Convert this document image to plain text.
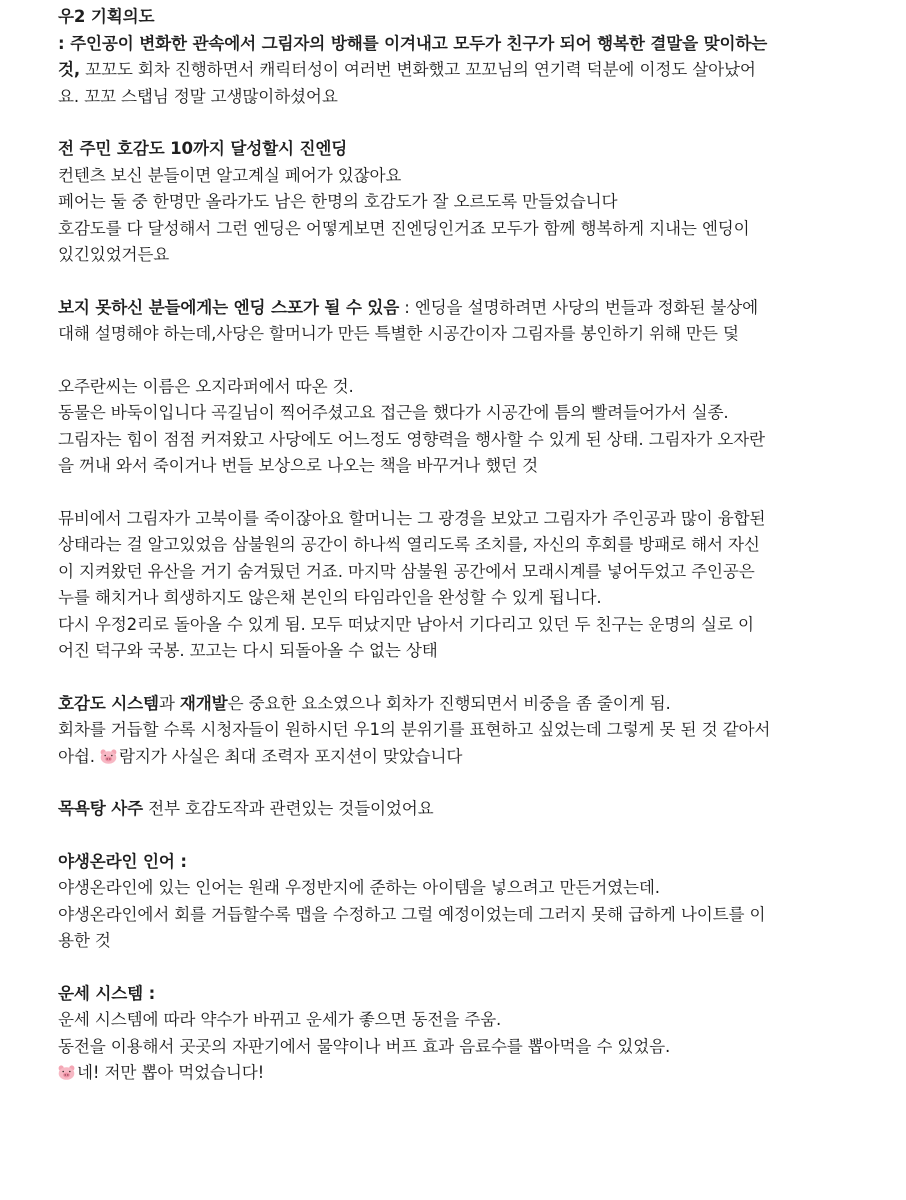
우2 기획의도
: 주인공이 변화한 관속에서 그림자의 방해를 이겨내고 모두가 친구가 되어 행복한 결말을 맞이하는
것, 꼬꼬도 회차 진행하면서 캐릭터성이 여러번 변화했고 꼬꼬님의 연기력 덕분에 이정도 살아났어
요. 꼬꼬 스탭님 정말 고생많이하셨어요
전 주민 호감도 10까지 달성할시 진엔딩
컨텐츠 보신 분들이면 알고계실 페어가 있잖아요
페어는 둘 중 한명만 올라가도 남은 한명의 호감도가 잘 오르도록 만들었습니다
호감도를 다 달성해서 그런 엔딩은 어떻게보면 진엔딩인거죠 모두가 함께 행복하게 지내는 엔딩이
있긴있었거든요
보지 못하신 분들에게는 엔딩 스포가 될 수 있음 : 엔딩을 설명하려면 사당의 번들과 정화된 불상에
대해 설명해야 하는데,사당은 할머니가 만든 특별한 시공간이자 그림자를 봉인하기 위해 만든 덫
오주란씨는 이름은 오지라퍼에서 따온 것.
동물은 바둑이입니다 곡길님이 찍어주셨고요 접근을 했다가 시공간에 틈의 빨려들어가서 실종.
그림자는 힘이 점점 커져왔고 사당에도 어느정도 영향력을 행사할 수 있게 된 상태. 그림자가 오자란
을 꺼내 와서 죽이거나 번들 보상으로 나오는 책을 바꾸거나 했던 것
뮤비에서 그림자가 고북이를 죽이잖아요 할머니는 그 광경을 보았고 그림자가 주인공과 많이 융합된
상태라는 걸 알고있었음 삼불원의 공간이 하나씩 열리도록 조치를, 자신의 후회를 방패로 해서 자신
이 지켜왔던 유산을 거기 숨겨뒀던 거죠. 마지막 삼불원 공간에서 모래시계를 넣어두었고 주인공은
누를 해치거나 희생하지도 않은채 본인의 타임라인을 완성할 수 있게 됩니다.
다시 우정2리로 돌아올 수 있게 됨. 모두 떠났지만 남아서 기다리고 있던 두 친구는 운명의 실로 이
어진 덕구와 국봉. 꼬고는 다시 되돌아올 수 없는 상태
호감도 시스템과 재개발은 중요한 요소였으나 회차가 진행되면서 비중을 좀 줄이게 됨.
회차를 거듭할 수록 시청자들이 원하시던 우1의 분위기를 표현하고 싶었는데 그렇게 못 된 것 같아서
아쉽.
람지가 사실은 최대 조력자 포지션이 맞았습니다
목욕탕 사주 전부 호감도작과 관련있는 것들이었어요
야생온라인 인어 :
야생온라인에 있는 인어는 원래 우정반지에 준하는 아이템을 넣으려고 만든거였는데.
야생온라인에서 회를 거듭할수록 맵을 수정하고 그럴 예정이었는데 그러지 못해 급하게 나이트를 이
용한 것
운세 시스템 :
운세 시스템에 따라 약수가 바뀌고 운세가 좋으면 동전을 주움.
동전을 이용해서 곳곳의 자판기에서 물약이나 버프 효과 음료수를 뽑아먹을 수 있었음.
네! 저만 뽑아 먹었습니다!
